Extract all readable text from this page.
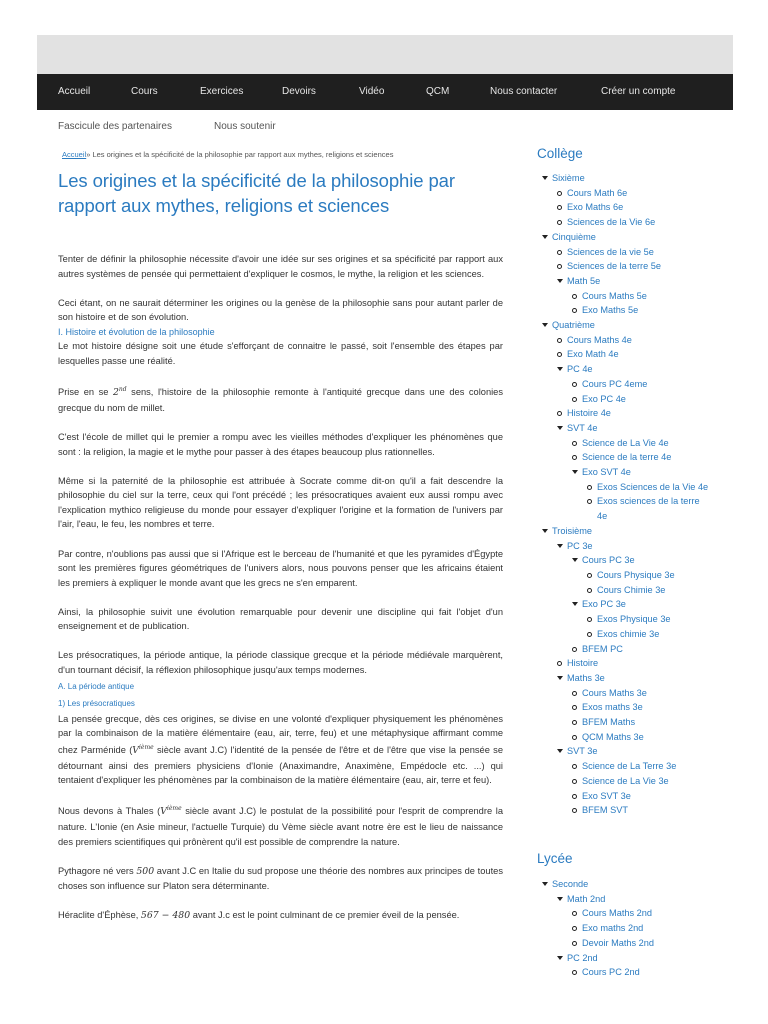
Accueil	Cours	Exercices	Devoirs	Vidéo	QCM	Nous contacter	Créer un compte
Fascicule des partenaires	Nous soutenir
Accueil» Les origines et la spécificité de la philosophie par rapport aux mythes, religions et sciences
Les origines et la spécificité de la philosophie par rapport aux mythes, religions et sciences

Tenter de définir la philosophie nécessite d'avoir une idée sur ses origines et sa spécificité par rapport aux autres systèmes de pensée qui permettaient d'expliquer le cosmos, le mythe, la religion et les sciences.

Ceci étant, on ne saurait déterminer les origines ou la genèse de la philosophie sans pour autant parler de son histoire et de son évolution.

I. Histoire et évolution de la philosophie

Le mot histoire désigne soit une étude s'efforçant de connaitre le passé, soit l'ensemble des étapes par lesquelles passe une réalité.

Prise en se 2nd sens, l'histoire de la philosophie remonte à l'antiquité grecque dans une des colonies grecque du nom de millet.

C'est l'école de millet qui le premier a rompu avec les vieilles méthodes d'expliquer les phénomènes que sont : la religion, la magie et le mythe pour passer à des étapes beaucoup plus rationnelles.

Même si la paternité de la philosophie est attribuée à Socrate comme dit-on qu'il a fait descendre la philosophie du ciel sur la terre, ceux qui l'ont précédé ; les présocratiques avaient eux aussi rompu avec l'explication mythico religieuse du monde pour essayer d'expliquer l'origine et la formation de l'univers par l'air, l'eau, le feu, les nombres et terre.

Par contre, n'oublions pas aussi que si l'Afrique est le berceau de l'humanité et que les pyramides d'Égypte sont les premières figures géométriques de l'univers alors, nous pouvons penser que les africains étaient les premiers à expliquer le monde avant que les grecs ne s'en emparent.

Ainsi, la philosophie suivit une évolution remarquable pour devenir une discipline qui fait l'objet d'un enseignement et de publication.

Les présocratiques, la période antique, la période classique grecque et la période médiévale marquèrent, d'un tournant décisif, la réflexion philosophique jusqu'aux temps modernes.

A. La période antique
1) Les présocratiques

La pensée grecque, dès ces origines, se divise en une volonté d'expliquer physiquement les phénomènes par la combinaison de la matière élémentaire (eau, air, terre, feu) et une métaphysique affirmant comme chez Parménide (Vième siècle avant J.C) l'identité de la pensée de l'être et de l'être que vise la pensée se détournant ainsi des premiers physiciens d'Ionie (Anaximandre, Anaximène, Empédocle etc. ...) qui tentaient d'expliquer les phénomènes par la combinaison de la matière élémentaire (eau, air, terre et feu).

Nous devons à Thales (Vième siècle avant J.C) le postulat de la possibilité pour l'esprit de comprendre la nature. L'Ionie (en Asie mineur, l'actuelle Turquie) du Vème siècle avant notre ère est le lieu de naissance des premiers scientifiques qui prônèrent qu'il est possible de comprendre la nature.

Pythagore né vers 500 avant J.C en Italie du sud propose une théorie des nombres aux principes de toutes choses son influence sur Platon sera déterminante.

Héraclite d'Éphèse, 567 − 480 avant J.c est le point culminant de ce premier éveil de la pensée.

Collège
Sixième
Cours Math 6e
Exo Maths 6e
Sciences de la Vie 6e
Cinquième
Sciences de la vie 5e
Sciences de la terre 5e
Math 5e
Cours Maths 5e
Exo Maths 5e
Quatrième
Cours Maths 4e
Exo Math 4e
PC 4e
Cours PC 4eme
Exo PC 4e
Histoire 4e
SVT 4e
Science de La Vie 4e
Science de la terre 4e
Exo SVT 4e
Exos Sciences de la Vie 4e
Exos sciences de la terre 4e
Troisième
PC 3e
Cours PC 3e
Cours Physique 3e
Cours Chimie 3e
Exo PC 3e
Exos Physique 3e
Exos chimie 3e
BFEM PC
Histoire
Maths 3e
Cours Maths 3e
Exos maths 3e
BFEM Maths
QCM Maths 3e
SVT 3e
Science de La Terre 3e
Science de La Vie 3e
Exo SVT 3e
BFEM SVT
Lycée
Seconde
Math 2nd
Cours Maths 2nd
Exo maths 2nd
Devoir Maths 2nd
PC 2nd
Cours PC 2nd
